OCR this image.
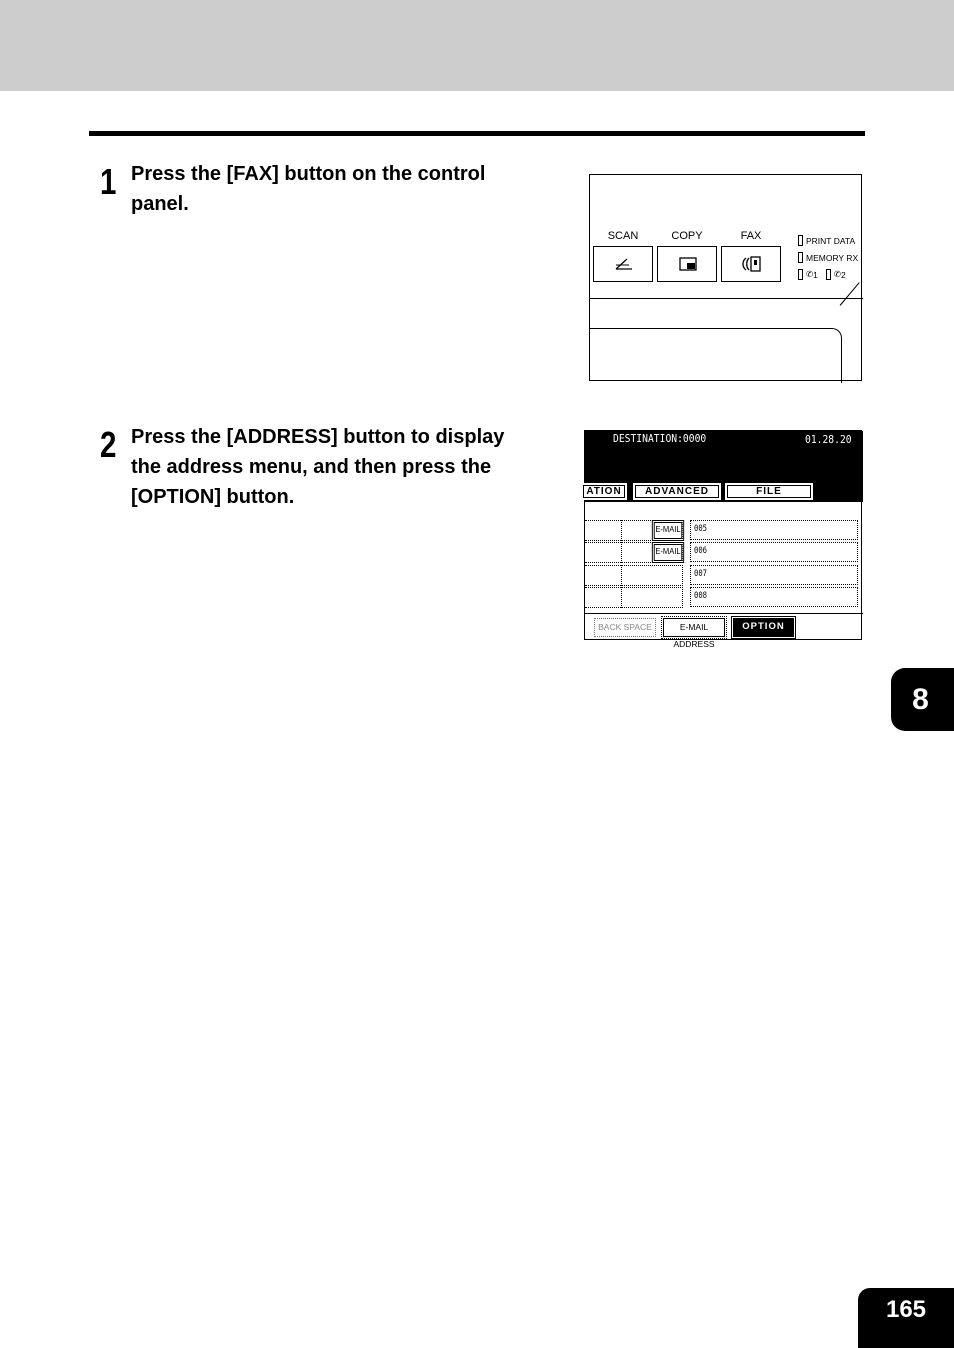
1 Press the [FAX] button on the control
panel.
SCAN	COPY	FAX	PRINT DATA
MEMORY RX
✆ 1 ✆ 2
2 Press the [ADDRESS] button to display
the address menu, and then press the
[OPTION] button.
DESTINATION:0000	01.28.20
ATION	ADVANCED	FILE
E-MAIL 005
E-MAIL 006
007
008
BACK SPACE	E-MAIL ADDRESS
OPTION
8
165
